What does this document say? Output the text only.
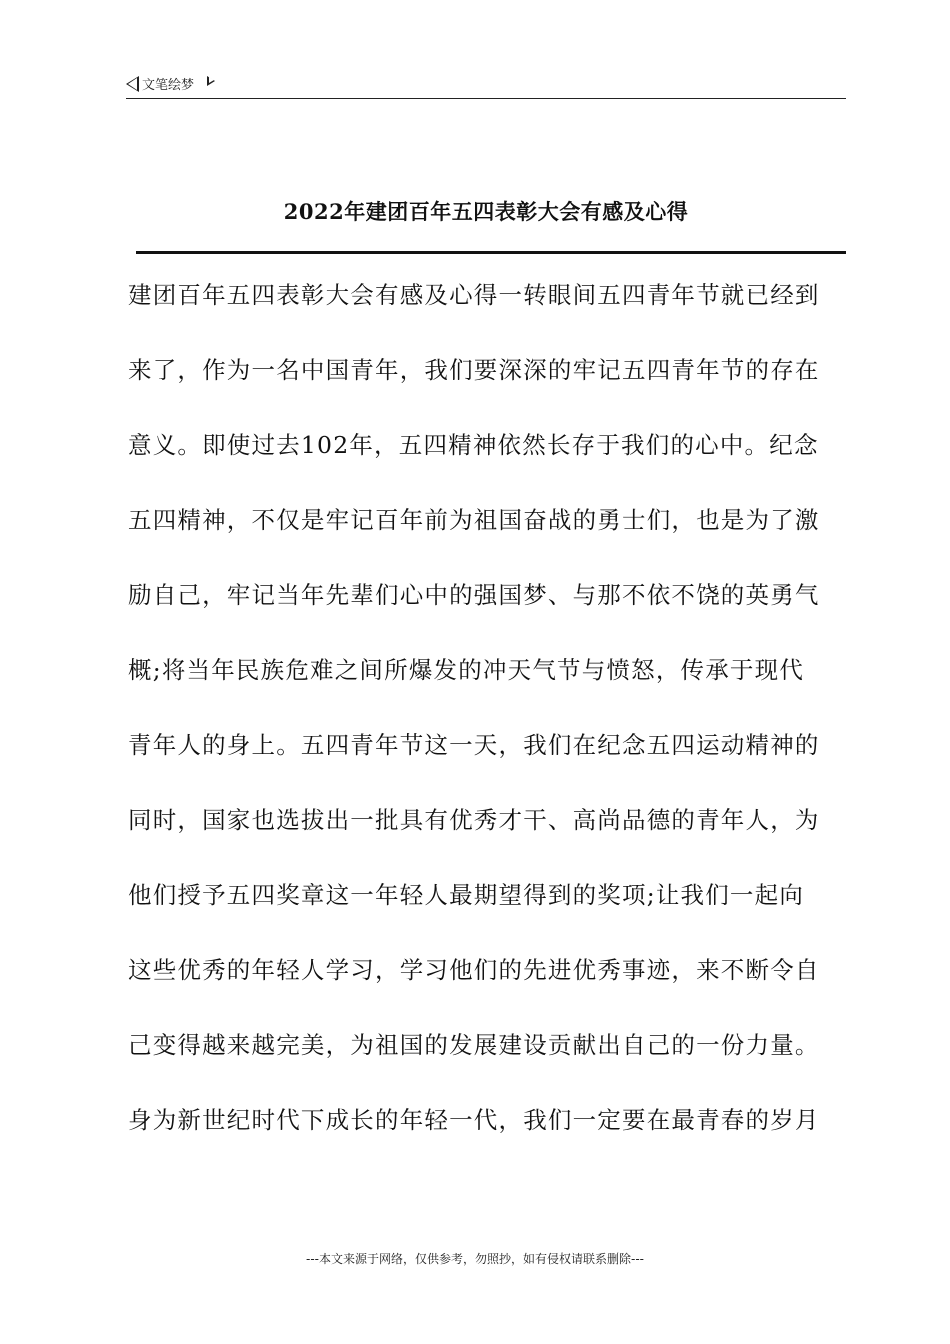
文笔绘梦
2022年建团百年五四表彰大会有感及心得
建团百年五四表彰大会有感及心得一转眼间五四青年节就已经到
来了，作为一名中国青年，我们要深深的牢记五四青年节的存在
意义。即使过去102年，五四精神依然长存于我们的心中。纪念
五四精神，不仅是牢记百年前为祖国奋战的勇士们，也是为了激
励自己，牢记当年先辈们心中的强国梦、与那不依不饶的英勇气
概;将当年民族危难之间所爆发的冲天气节与愤怒，传承于现代
青年人的身上。五四青年节这一天，我们在纪念五四运动精神的
同时，国家也选拔出一批具有优秀才干、高尚品德的青年人，为
他们授予五四奖章这一年轻人最期望得到的奖项;让我们一起向
这些优秀的年轻人学习，学习他们的先进优秀事迹，来不断令自
己变得越来越完美，为祖国的发展建设贡献出自己的一份力量。
身为新世纪时代下成长的年轻一代，我们一定要在最青春的岁月
---本文来源于网络，仅供参考，勿照抄，如有侵权请联系删除---
